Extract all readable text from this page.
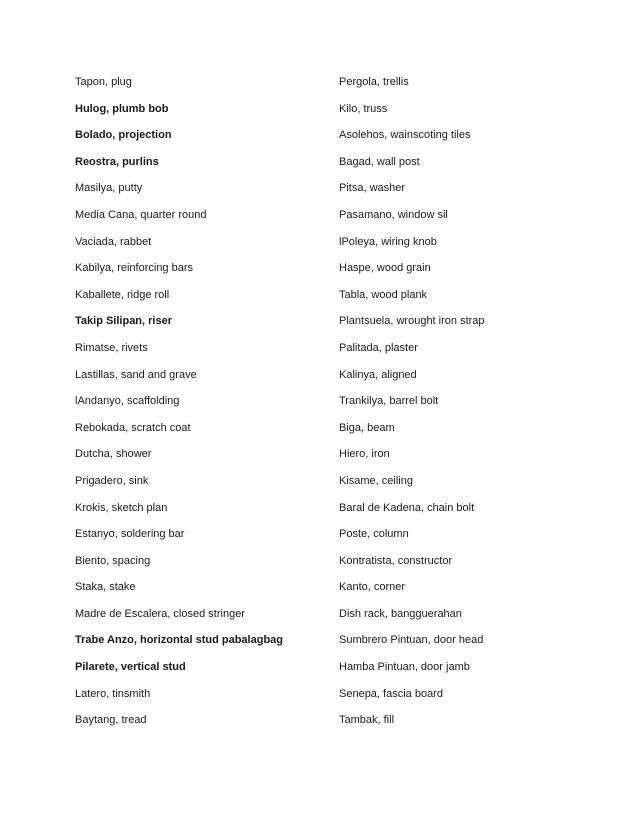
Tapon, plug	Pergola, trellis
Hulog, plumb bob	Kilo, truss
Bolado, projection	Asolehos, wainscoting tiles
Reostra, purlins	Bagad, wall post
Masilya, putty	Pitsa, washer
Media Cana, quarter round	Pasamano, window sil
Vaciada, rabbet	lPoleya, wiring knob
Kabilya, reinforcing bars	Haspe, wood grain
Kaballete, ridge roll	Tabla, wood plank
Takip Silipan, riser	Plantsuela, wrought iron strap
Rimatse, rivets	Palitada, plaster
Lastillas, sand and grave	Kalinya, aligned
lAndanyo, scaffolding	Trankilya, barrel bolt
Rebokada, scratch coat	Biga, beam
Dutcha, shower	Hiero, iron
Prigadero, sink	Kisame, ceiling
Krokis, sketch plan	Baral de Kadena, chain bolt
Estanyo, soldering bar	Poste, column
Biento, spacing	Kontratista, constructor
Staka, stake	Kanto, corner
Madre de Escalera, closed stringer	Dish rack, bangguerahan
Trabe Anzo, horizontal stud pabalagbag	Sumbrero Pintuan, door head
Pilarete, vertical stud	Hamba Pintuan, door jamb
Latero, tinsmith	Senepa, fascia board
Baytang, tread	Tambak, fill
